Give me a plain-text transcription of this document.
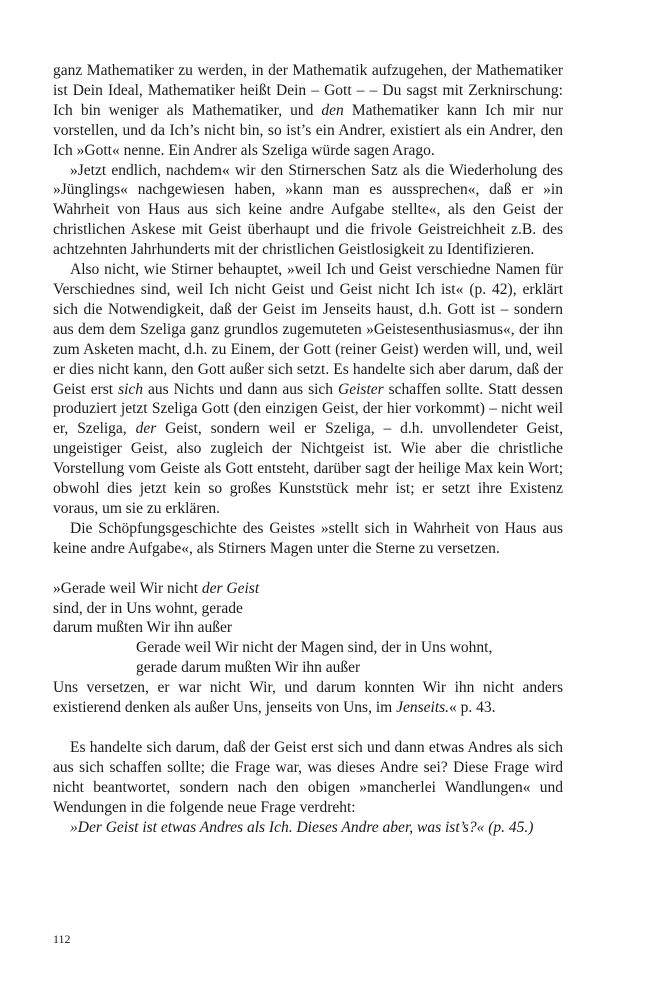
ganz Mathematiker zu werden, in der Mathematik aufzugehen, der Mathematiker ist Dein Ideal, Mathematiker heißt Dein – Gott – – Du sagst mit Zerknirschung: Ich bin weniger als Mathematiker, und den Mathematiker kann Ich mir nur vorstellen, und da Ich’s nicht bin, so ist’s ein Andrer, existiert als ein Andrer, den Ich »Gott« nenne. Ein Andrer als Szeliga würde sagen Arago.

»Jetzt endlich, nachdem« wir den Stirnerschen Satz als die Wiederholung des »Jünglings« nachgewiesen haben, »kann man es aussprechen«, daß er »in Wahrheit von Haus aus sich keine andre Aufgabe stellte«, als den Geist der christlichen Askese mit Geist überhaupt und die frivole Geistreichheit z.B. des achtzehnten Jahrhunderts mit der christlichen Geistlosigkeit zu Identifizieren.

Also nicht, wie Stirner behauptet, »weil Ich und Geist verschiedne Namen für Verschiednes sind, weil Ich nicht Geist und Geist nicht Ich ist« (p. 42), erklärt sich die Notwendigkeit, daß der Geist im Jenseits haust, d.h. Gott ist – sondern aus dem dem Szeliga ganz grundlos zugemuteten »Geistesenthusiasmus«, der ihn zum Asketen macht, d.h. zu Einem, der Gott (reiner Geist) werden will, und, weil er dies nicht kann, den Gott außer sich setzt. Es handelte sich aber darum, daß der Geist erst sich aus Nichts und dann aus sich Geister schaffen sollte. Statt dessen produziert jetzt Szeliga Gott (den einzigen Geist, der hier vorkommt) – nicht weil er, Szeliga, der Geist, sondern weil er Szeliga, – d.h. unvollendeter Geist, ungeistiger Geist, also zugleich der Nichtgeist ist. Wie aber die christliche Vorstellung vom Geiste als Gott entsteht, darüber sagt der heilige Max kein Wort; obwohl dies jetzt kein so großes Kunststück mehr ist; er setzt ihre Existenz voraus, um sie zu erklären.

Die Schöpfungsgeschichte des Geistes »stellt sich in Wahrheit von Haus aus keine andre Aufgabe«, als Stirners Magen unter die Sterne zu versetzen.

»Gerade weil Wir nicht der Geist
sind, der in Uns wohnt, gerade
darum mußten Wir ihn außer
Gerade weil Wir nicht der Magen sind, der in Uns wohnt,
gerade darum mußten Wir ihn außer
Uns versetzen, er war nicht Wir, und darum konnten Wir ihn nicht anders
existierend denken als außer Uns, jenseits von Uns, im Jenseits.« p. 43.

Es handelte sich darum, daß der Geist erst sich und dann etwas Andres als sich aus sich schaffen sollte; die Frage war, was dieses Andre sei? Diese Frage wird nicht beantwortet, sondern nach den obigen »mancherlei Wandlungen« und Wendungen in die folgende neue Frage verdreht:

»Der Geist ist etwas Andres als Ich. Dieses Andre aber, was ist’s?« (p. 45.)

112
